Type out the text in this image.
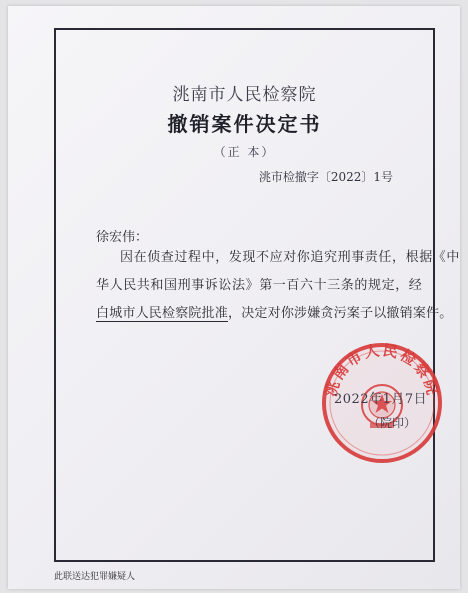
洮南市人民检察院
撤销案件决定书
（正 本）
洮市检撤字〔2022〕1号
徐宏伟：
因在侦查过程中，发现不应对你追究刑事责任，根据《中
华人民共和国刑事诉讼法》第一百六十三条的规定，经
白城市人民检察院批准，决定对你涉嫌贪污案子以撤销案件。
洮南市人民检察院
2022年1月7日
（院印）
此联送达犯罪嫌疑人
